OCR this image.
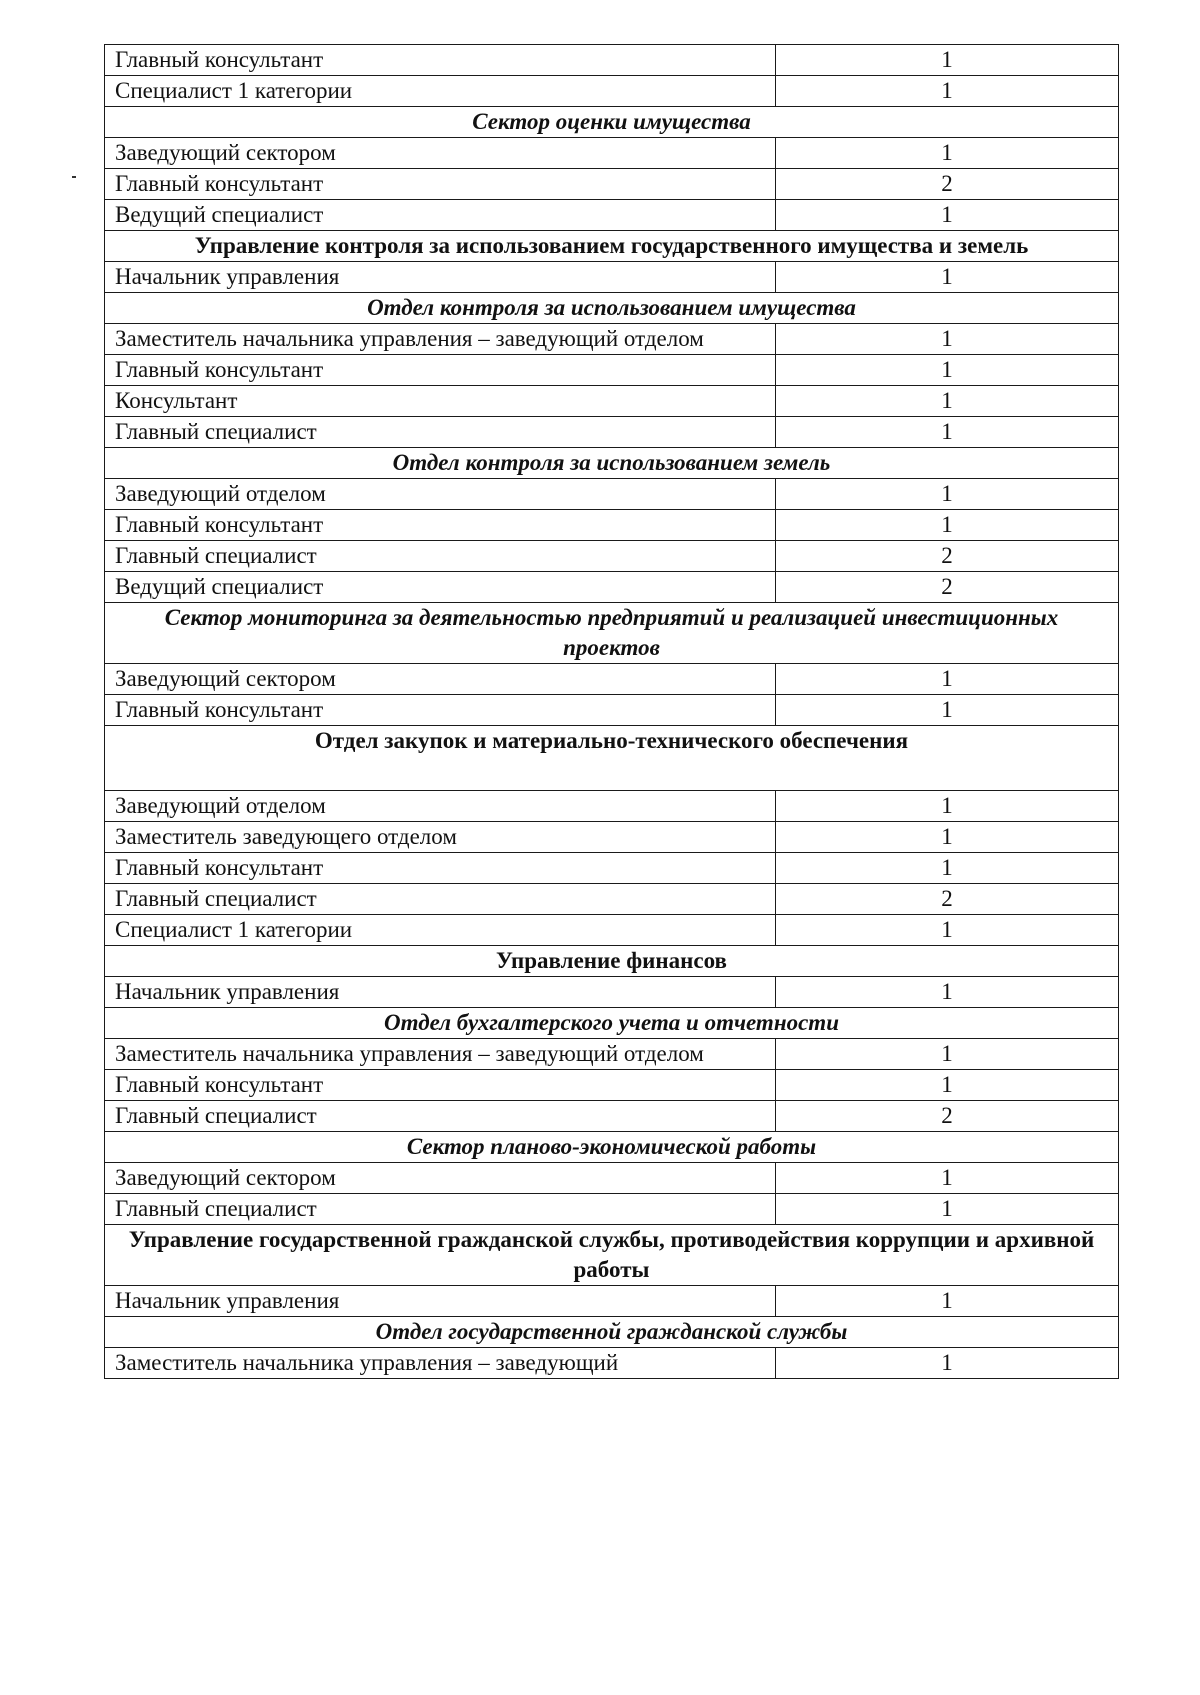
Главный консультант	1
Специалист 1 категории	1
Сектор оценки имущества	
Заведующий сектором	1
Главный консультант	2
Ведущий специалист	1
Управление контроля за использованием государственного имущества и земель	
Начальник управления	1
Отдел контроля за использованием имущества	
Заместитель начальника управления – заведующий отделом	1
Главный консультант	1
Консультант	1
Главный специалист	1
Отдел контроля за использованием земель	
Заведующий отделом	1
Главный консультант	1
Главный специалист	2
Ведущий специалист	2
Сектор мониторинга за деятельностью предприятий и реализацией инвестиционных проектов	
Заведующий сектором	1
Главный консультант	1
Отдел закупок и материально-технического обеспечения	
Заведующий отделом	1
Заместитель заведующего отделом	1
Главный консультант	1
Главный специалист	2
Специалист 1 категории	1
Управление финансов	
Начальник управления	1
Отдел бухгалтерского учета и отчетности	
Заместитель начальника управления – заведующий отделом	1
Главный консультант	1
Главный специалист	2
Сектор планово-экономической работы	
Заведующий сектором	1
Главный специалист	1
Управление государственной гражданской службы, противодействия коррупции и архивной работы	
Начальник управления	1
Отдел государственной гражданской службы	
Заместитель начальника управления – заведующий	1
